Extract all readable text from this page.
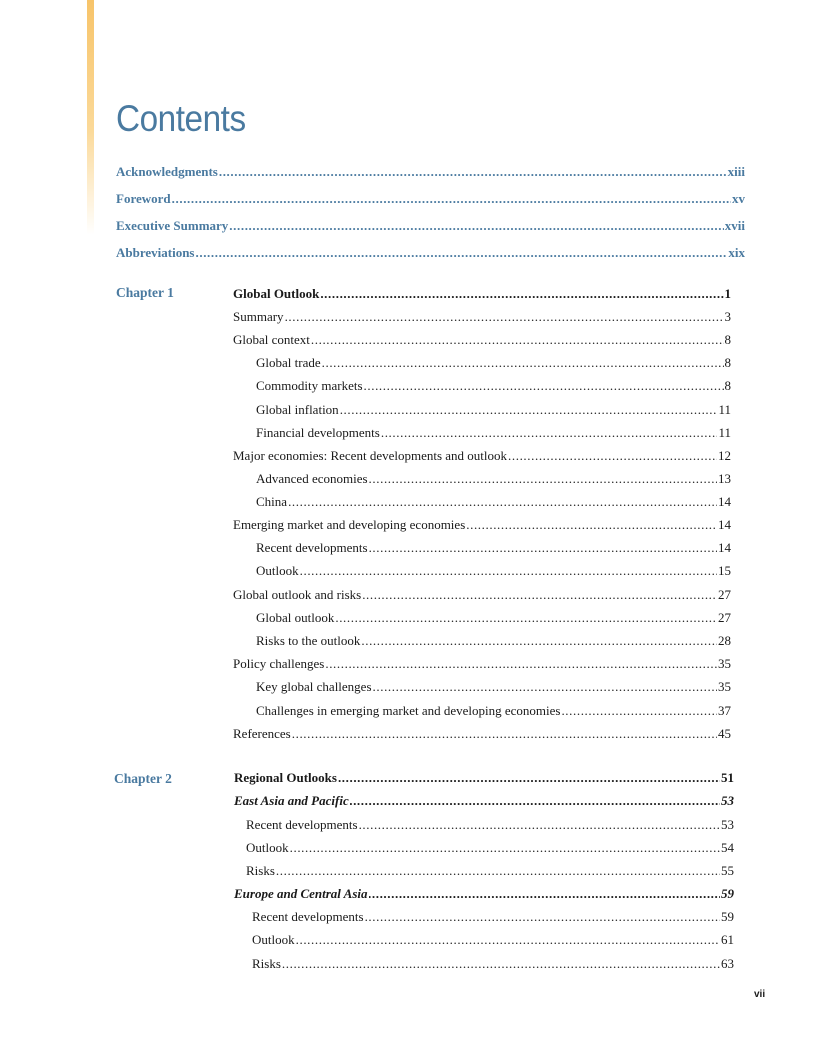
Contents
Acknowledgments .....	xiii
Foreword .....	xv
Executive Summary .....	xvii
Abbreviations .....	xix
Chapter 1	Global Outlook .....	1
Summary .....	3
Global context .....	8
Global trade .....	8
Commodity markets .....	8
Global inflation .....	11
Financial developments .....	11
Major economies: Recent developments and outlook .....	12
Advanced economies .....	13
China .....	14
Emerging market and developing economies .....	14
Recent developments .....	14
Outlook .....	15
Global outlook and risks .....	27
Global outlook .....	27
Risks to the outlook .....	28
Policy challenges .....	35
Key global challenges .....	35
Challenges in emerging market and developing economies .....	37
References .....	45
Chapter 2	Regional Outlooks .....	51
East Asia and Pacific .....	53
Recent developments .....	53
Outlook .....	54
Risks .....	55
Europe and Central Asia .....	59
Recent developments .....	59
Outlook .....	61
Risks .....	63
vii
